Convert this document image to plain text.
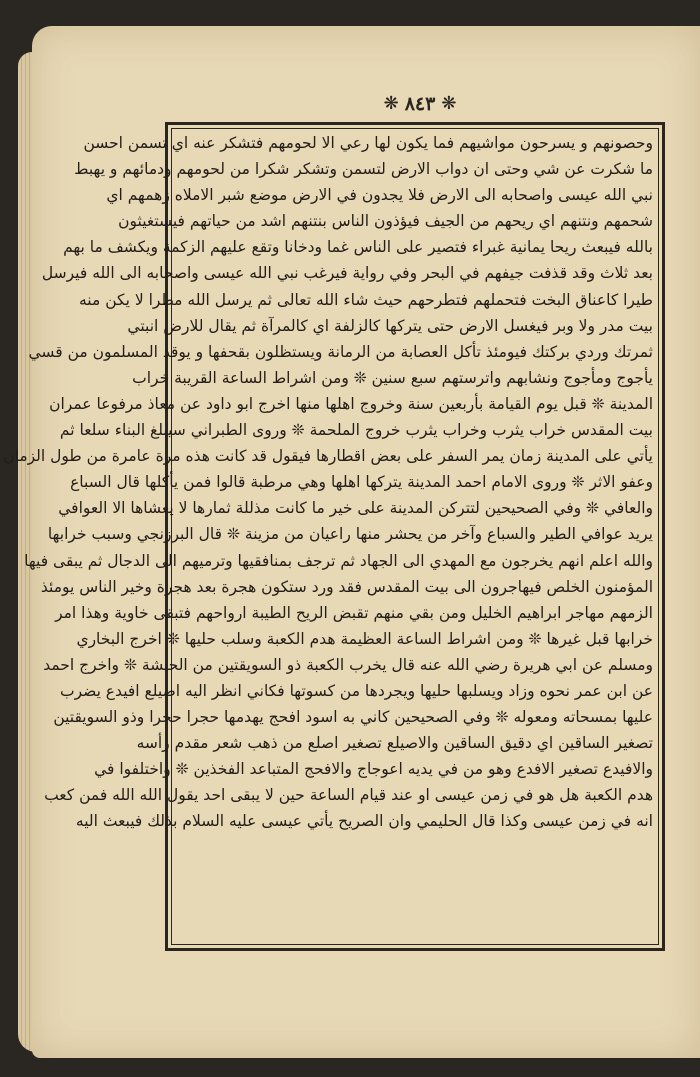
❋ ٨٤٣ ❋
وحصونهم و يسرحون مواشيهم فما يكون لها رعي الا لحومهم فتشكر عنه اي تسمن احسن
ما شكرت عن شي وحتى ان دواب الارض لتسمن وتشكر شكرا من لحومهم ودمائهم و يهبط
نبي الله عيسى واصحابه الى الارض فلا يجدون في الارض موضع شبر الاملاه زهمهم اي
شحمهم ونتنهم اي ريحهم من الجيف فيؤذون الناس بنتنهم اشد من حياتهم فيستغيثون
بالله فيبعث ريحا يمانية غبراء فتصير على الناس غما ودخانا وتقع عليهم الزكمة ويكشف ما بهم
بعد ثلاث وقد قذفت جيفهم في البحر وفي رواية فيرغب نبي الله عيسى واصحابه الى الله فيرسل
طيرا كاعناق البخت فتحملهم فتطرحهم حيث شاء الله تعالى ثم يرسل الله مطرا لا يكن منه
بيت مدر ولا وبر فيغسل الارض حتى يتركها كالزلفة اي كالمرآة ثم يقال للارض انبتي
ثمرتك وردي بركتك فيومئذ تأكل العصابة من الرمانة ويستظلون بقحفها و يوقد المسلمون من قسي
يأجوج ومأجوج ونشابهم واترستهم سبع سنين ❊ ومن اشراط الساعة القريبة خراب
المدينة ❊ قبل يوم القيامة بأربعين سنة وخروج اهلها منها اخرج ابو داود عن معاذ مرفوعا عمران
بيت المقدس خراب يثرب وخراب يثرب خروج الملحمة ❊ وروى الطبراني سيبلغ البناء سلعا ثم
يأتي على المدينة زمان يمر السفر على بعض اقطارها فيقول قد كانت هذه مرة عامرة من طول الزمان
وعفو الاثر ❊ وروى الامام احمد المدينة يتركها اهلها وهي مرطبة قالوا فمن يأكلها قال السباع
والعافي ❊ وفي الصحيحين لتتركن المدينة على خير ما كانت مذللة ثمارها لا يغشاها الا العوافي
يريد عوافي الطير والسباع وآخر من يحشر منها راعيان من مزينة ❊ قال البرزنجي وسبب خرابها
والله اعلم انهم يخرجون مع المهدي الى الجهاد ثم ترجف بمنافقيها وترميهم الى الدجال ثم يبقى فيها
المؤمنون الخلص فيهاجرون الى بيت المقدس فقد ورد ستكون هجرة بعد هجرة وخير الناس يومئذ
الزمهم مهاجر ابراهيم الخليل ومن بقي منهم تقبض الريح الطيبة ارواحهم فتبقى خاوية وهذا امر
خرابها قبل غيرها ❊ ومن اشراط الساعة العظيمة هدم الكعبة وسلب حليها ❊ اخرج البخاري
ومسلم عن ابي هريرة رضي الله عنه قال يخرب الكعبة ذو السويقتين من الحبشة ❊ واخرج احمد
عن ابن عمر نحوه وزاد ويسلبها حليها ويجردها من كسوتها فكاني انظر اليه اصيلع افيدع يضرب
عليها بمسحاته ومعوله ❊ وفي الصحيحين كاني به اسود افحج يهدمها حجرا حجرا وذو السويقتين
تصغير الساقين اي دقيق الساقين والاصيلع تصغير اصلع من ذهب شعر مقدم رأسه
والافيدع تصغير الافدع وهو من في يديه اعوجاج والافحج المتباعد الفخذين ❊ واختلفوا في
هدم الكعبة هل هو في زمن عيسى او عند قيام الساعة حين لا يبقى احد يقول الله الله فمن كعب
انه في زمن عيسى وكذا قال الحليمي وان الصريح يأتي عيسى عليه السلام بذلك فيبعث اليه
